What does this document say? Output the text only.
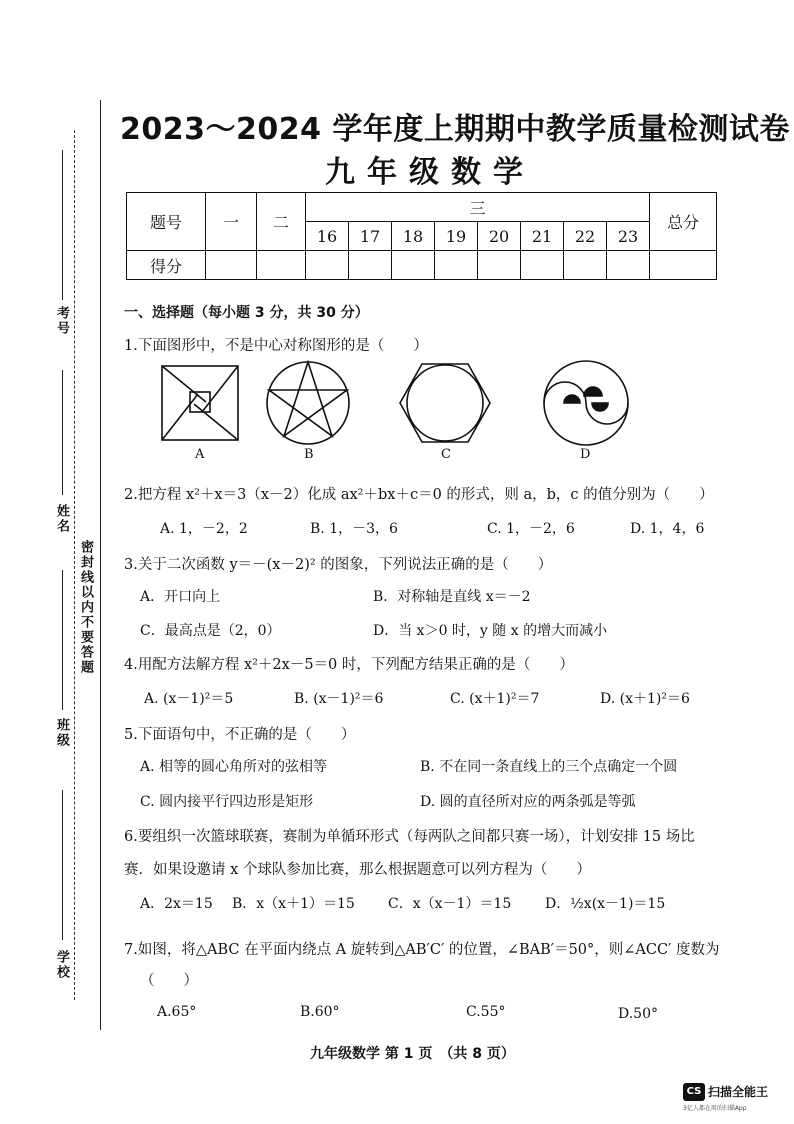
考号
姓名
密封线以内不要答题
班级
学校
2023～2024 学年度上期期中教学质量检测试卷
九年级数学
题号	一	二	三								总分
			16	17	18	19	20	21	22	23	
得分											
一、选择题（每小题 3 分，共 30 分）
1.下面图形中，不是中心对称图形的是（　　）
A	B	C	D
2.把方程 x²＋x＝3（x－2）化成 ax²＋bx＋c＝0 的形式，则 a，b，c 的值分别为（　　）
A. 1，－2，2	B. 1，－3，6	C. 1，－2，6	D. 1，4，6
3.关于二次函数 y＝－(x－2)² 的图象，下列说法正确的是（　　）
A．开口向上	B．对称轴是直线 x＝－2
C．最高点是（2，0）	D．当 x＞0 时，y 随 x 的增大而减小
4.用配方法解方程 x²＋2x－5＝0 时，下列配方结果正确的是（　　）
A. (x－1)²＝5	B. (x－1)²＝6	C. (x＋1)²＝7	D. (x＋1)²＝6
5.下面语句中，不正确的是（　　）
A. 相等的圆心角所对的弦相等	B. 不在同一条直线上的三个点确定一个圆
C. 圆内接平行四边形是矩形	D. 圆的直径所对应的两条弧是等弧
6.要组织一次篮球联赛，赛制为单循环形式（每两队之间都只赛一场），计划安排 15 场比
赛．如果设邀请 x 个球队参加比赛，那么根据题意可以列方程为（　　）
A．2x＝15 B．x（x＋1）＝15 C．x（x－1）＝15 D．½x(x－1)＝15
7.如图，将△ABC 在平面内绕点 A 旋转到△AB′C′ 的位置，∠BAB′＝50°，则∠ACC′ 度数为
（　　）
A.65°	B.60°	C.55°	D.50°
九年级数学 第 1 页　（共 8 页）
CS 扫描全能王
3亿人都在用的扫描App
